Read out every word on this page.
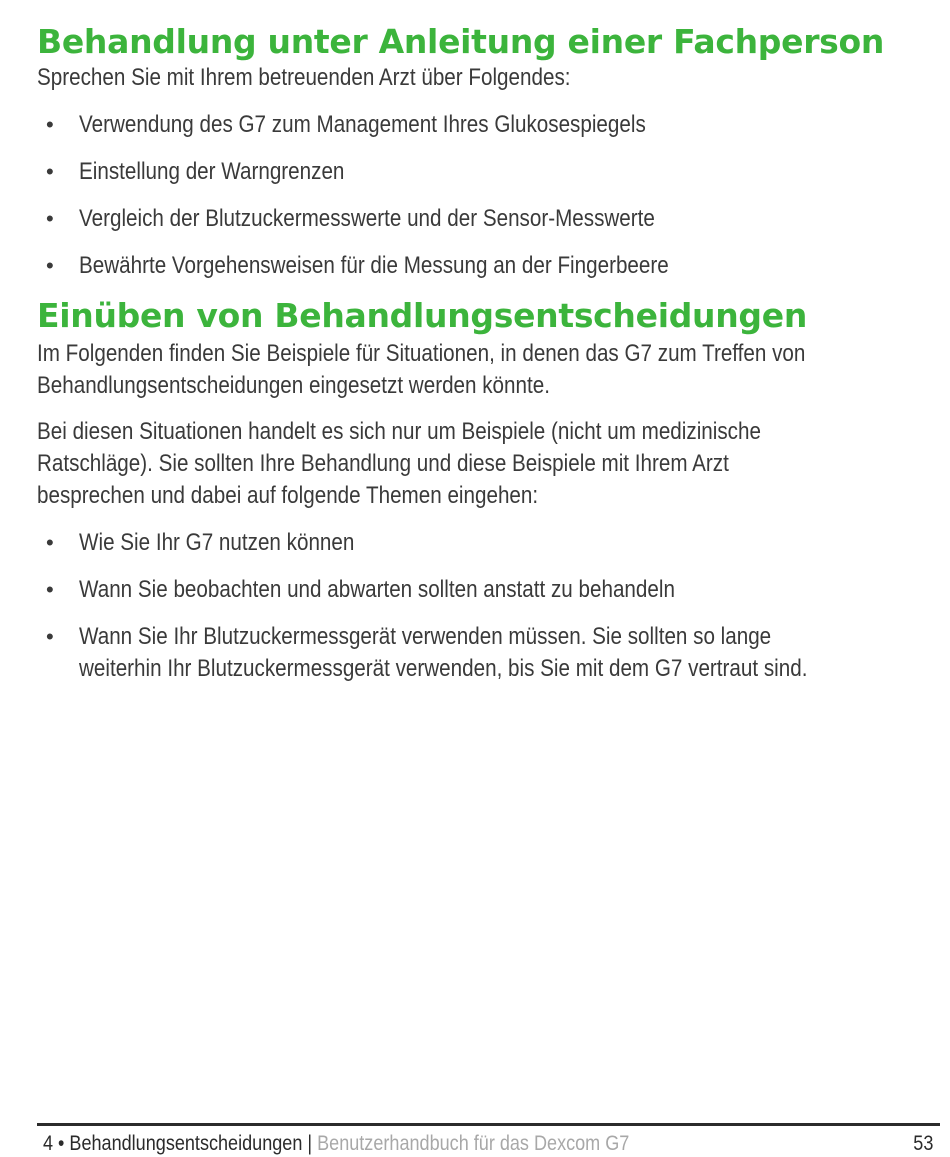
Behandlung unter Anleitung einer Fachperson

Sprechen Sie mit Ihrem betreuenden Arzt über Folgendes:

• Verwendung des G7 zum Management Ihres Glukosespiegels
• Einstellung der Warngrenzen
• Vergleich der Blutzuckermesswerte und der Sensor-Messwerte
• Bewährte Vorgehensweisen für die Messung an der Fingerbeere
Einüben von Behandlungsentscheidungen

Im Folgenden finden Sie Beispiele für Situationen, in denen das G7 zum Treffen von
Behandlungsentscheidungen eingesetzt werden könnte.

Bei diesen Situationen handelt es sich nur um Beispiele (nicht um medizinische
Ratschläge). Sie sollten Ihre Behandlung und diese Beispiele mit Ihrem Arzt
besprechen und dabei auf folgende Themen eingehen:

• Wie Sie Ihr G7 nutzen können
• Wann Sie beobachten und abwarten sollten anstatt zu behandeln
• Wann Sie Ihr Blutzuckermessgerät verwenden müssen. Sie sollten so lange
weiterhin Ihr Blutzuckermessgerät verwenden, bis Sie mit dem G7 vertraut sind.
4 • Behandlungsentscheidungen | Benutzerhandbuch für das Dexcom G7	53
